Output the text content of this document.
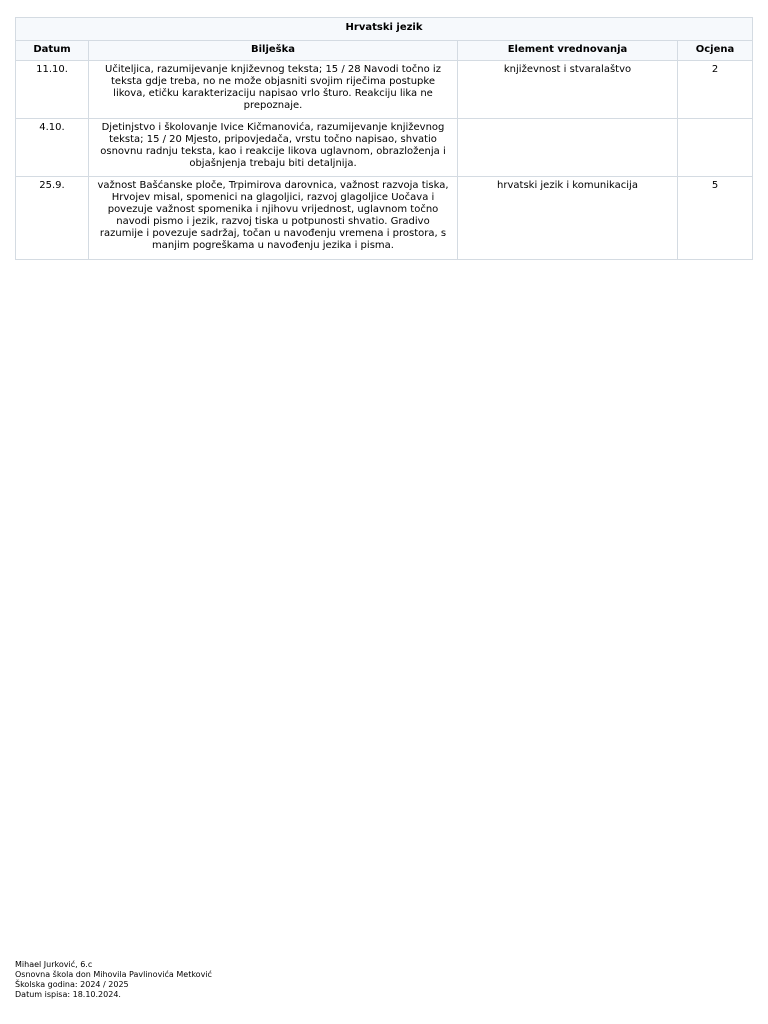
Hrvatski jezik			
Datum	Bilješka	Element vrednovanja	Ocjena
11.10.	Učiteljica, razumijevanje književnog teksta; 15 / 28 Navodi točno iz teksta gdje treba, no ne može objasniti svojim riječima postupke likova, etičku karakterizaciju napisao vrlo šturo. Reakciju lika ne prepoznaje.	književnost i stvaralaštvo	2
4.10.	Djetinjstvo i školovanje Ivice Kičmanovića, razumijevanje književnog teksta; 15 / 20 Mjesto, pripovjedača, vrstu točno napisao, shvatio osnovnu radnju teksta, kao i reakcije likova uglavnom, obrazloženja i objašnjenja trebaju biti detaljnija.		
25.9.	važnost Bašćanske ploče, Trpimirova darovnica, važnost razvoja tiska, Hrvojev misal, spomenici na glagoljici, razvoj glagoljice Uočava i povezuje važnost spomenika i njihovu vrijednost, uglavnom točno navodi pismo i jezik, razvoj tiska u potpunosti shvatio. Gradivo razumije i povezuje sadržaj, točan u navođenju vremena i prostora, s manjim pogreškama u navođenju jezika i pisma.	hrvatski jezik i komunikacija	5
Mihael Jurković, 6.c
Osnovna škola don Mihovila Pavlinovića Metković
Školska godina: 2024 / 2025
Datum ispisa: 18.10.2024.
